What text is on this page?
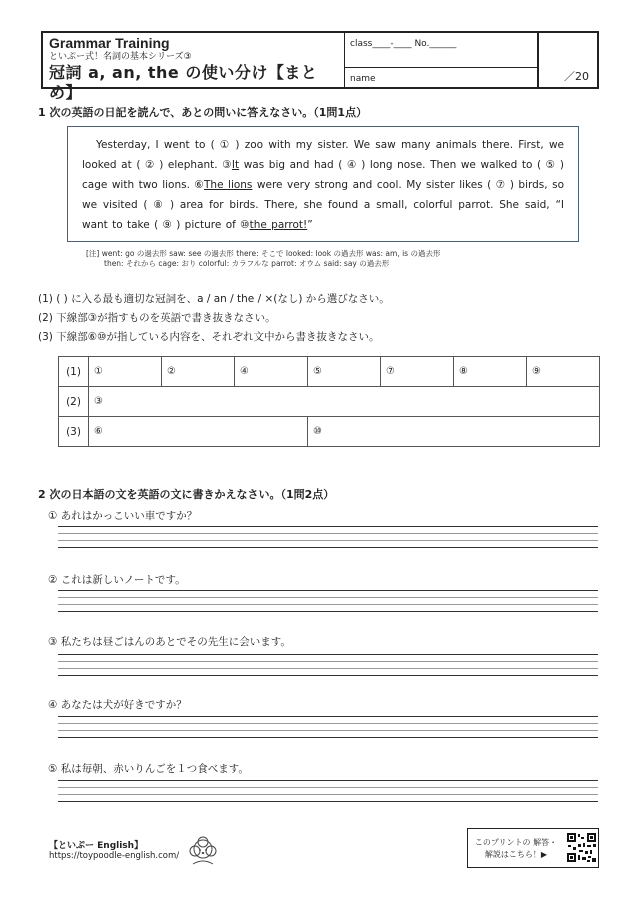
Grammar Training
といぷー式！名詞の基本シリーズ③
冠詞 a, an, the の使い分け【まとめ】
class____-____ No.______
name	／20
1 次の英語の日記を読んで、あとの問いに答えなさい。（1問1点）

Yesterday, I went to ( ① ) zoo with my sister. We saw many animals there. First, we looked at ( ② ) elephant. ③It was big and had ( ④ ) long nose. Then we walked to ( ⑤ ) cage with two lions. ⑥The lions were very strong and cool. My sister likes ( ⑦ ) birds, so we visited ( ⑧ ) area for birds. There, she found a small, colorful parrot. She said, “I want to take ( ⑨ ) picture of ⑩the parrot!”

[注] went: go の過去形 saw: see の過去形 there: そこで looked: look の過去形 was: am, is の過去形
then: それから cage: おり colorful: カラフルな parrot: オウム said: say の過去形
(1) ( ) に入る最も適切な冠詞を、a / an / the / ×(なし) から選びなさい。
(2) 下線部③が指すものを英語で書き抜きなさい。
(3) 下線部⑥⑩が指している内容を、それぞれ文中から書き抜きなさい。
(1)	①	②	④	⑤	⑦	⑧	⑨
(2)	③						
(3)	⑥			⑩			
2 次の日本語の文を英語の文に書きかえなさい。（1問2点）
① あれはかっこいい車ですか？
② これは新しいノートです。
③ 私たちは昼ごはんのあとでその先生に会います。
④ あなたは犬が好きですか？
⑤ 私は毎朝、赤いりんごを１つ食べます。
【といぷー English】
https://toypoodle-english.com/
このプリントの 解答・解説はこちら！▶
